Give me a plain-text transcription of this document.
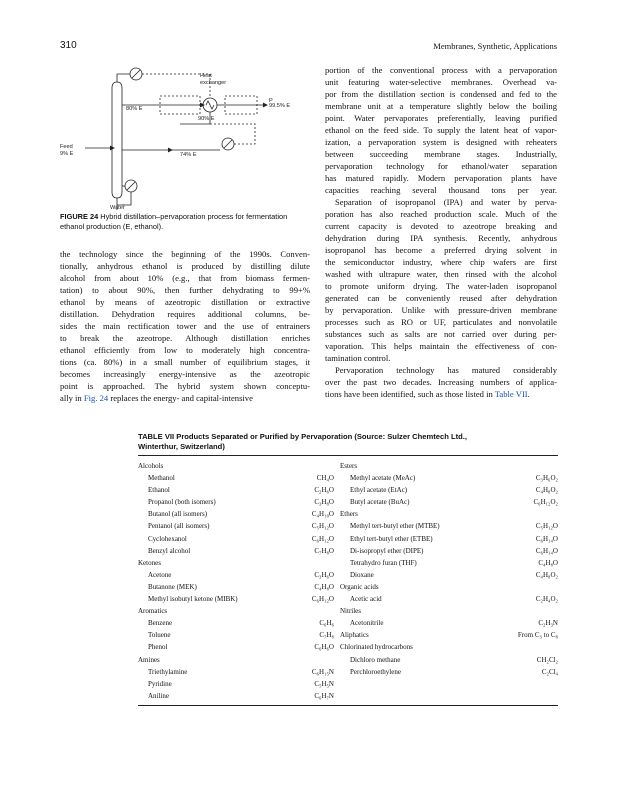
310	Membranes, Synthetic, Applications
Heat
exchanger
80% E
90% E
99.5% E
P
74% E
Feed
9% E
Water

FIGURE 24 Hybrid distillation–pervaporation process for fermentation ethanol production (E, ethanol).

the technology since the beginning of the 1990s. Conven-
tionally, anhydrous ethanol is produced by distilling dilute
alcohol from about 10% (e.g., that from biomass fermen-
tation) to about 90%, then further dehydrating to 99+%
ethanol by means of azeotropic distillation or extractive
distillation. Dehydration requires additional columns, be-
sides the main rectification tower and the use of entrainers
to break the azeotrope. Although distillation enriches
ethanol efficiently from low to moderately high concentra-
tions (ca. 80%) in a small number of equilibrium stages, it
becomes increasingly energy-intensive as the azeotropic
point is approached. The hybrid system shown conceptu-
ally in Fig. 24 replaces the energy- and capital-intensive
portion of the conventional process with a pervaporation
unit featuring water-selective membranes. Overhead va-
por from the distillation section is condensed and fed to the
membrane unit at a temperature slightly below the boiling
point. Water pervaporates preferentially, leaving purified
ethanol on the feed side. To supply the latent heat of vapor-
ization, a pervaporation system is designed with reheaters
between succeeding membrane stages. Industrially,
pervaporation technology for ethanol/water separation
has matured rapidly. Modern pervaporation plants have
capacities reaching several thousand tons per year.
Separation of isopropanol (IPA) and water by perva-
poration has also reached production scale. Much of the
current capacity is devoted to azeotrope breaking and
dehydration during IPA synthesis. Recently, anhydrous
isopropanol has become a preferred drying solvent in
the semiconductor industry, where chip wafers are first
washed with ultrapure water, then rinsed with the alcohol
to promote uniform drying. The water-laden isopropanol
generated can be conveniently reused after dehydration
by pervaporation. Unlike with pressure-driven membrane
processes such as RO or UF, particulates and nonvolatile
substances such as salts are not carried over during per-
vaporation. This helps maintain the effectiveness of con-
tamination control.
Pervaporation technology has matured considerably
over the past two decades. Increasing numbers of applica-
tions have been identified, such as those listed in Table VII.
TABLE VII Products Separated or Purified by Pervaporation (Source: Sulzer Chemtech Ltd.,
Winterthur, Switzerland)
Alcohols	
Methanol	CH₄O
Ethanol	C₂H₆O
Propanol (both isomers)	C₃H₈O
Butanol (all isomers)	C₄H₁₀O
Pentanol (all isomers)	C₅H₁₂O
Cyclohexanol	C₆H₁₂O
Benzyl alcohol	C₇H₈O
Ketones	
Acetone	C₃H₆O
Butanone (MEK)	C₄H₈O
Methyl isobutyl ketone (MIBK)	C₆H₁₂O
Aromatics	
Benzene	C₆H₆
Toluene	C₇H₈
Phenol	C₆H₆O
Amines	
Triethylamine	C₆H₁₅N
Pyridine	C₅H₅N
Aniline	C₆H₇N
Esters	
Methyl acetate (MeAc)	C₃H₆O₂
Ethyl acetate (EtAc)	C₄H₈O₂
Butyl acetate (BuAc)	C₆H₁₂O₂
Ethers	
Methyl tert-butyl ether (MTBE)	C₅H₁₂O
Ethyl tert-butyl ether (ETBE)	C₆H₁₄O
Di-isopropyl ether (DIPE)	C₆H₁₄O
Tetrahydro furan (THF)	C₄H₈O
Dioxane	C₄H₈O₂
Organic acids	
Acetic acid	C₂H₄O₂
Nitriles	
Acetonitrile	C₂H₃N
Aliphatics	From C₃ to C₈
Chlorinated hydrocarbons	
Dichloro methane	CH₂Cl₂
Perchloroethylene	C₂Cl₄
